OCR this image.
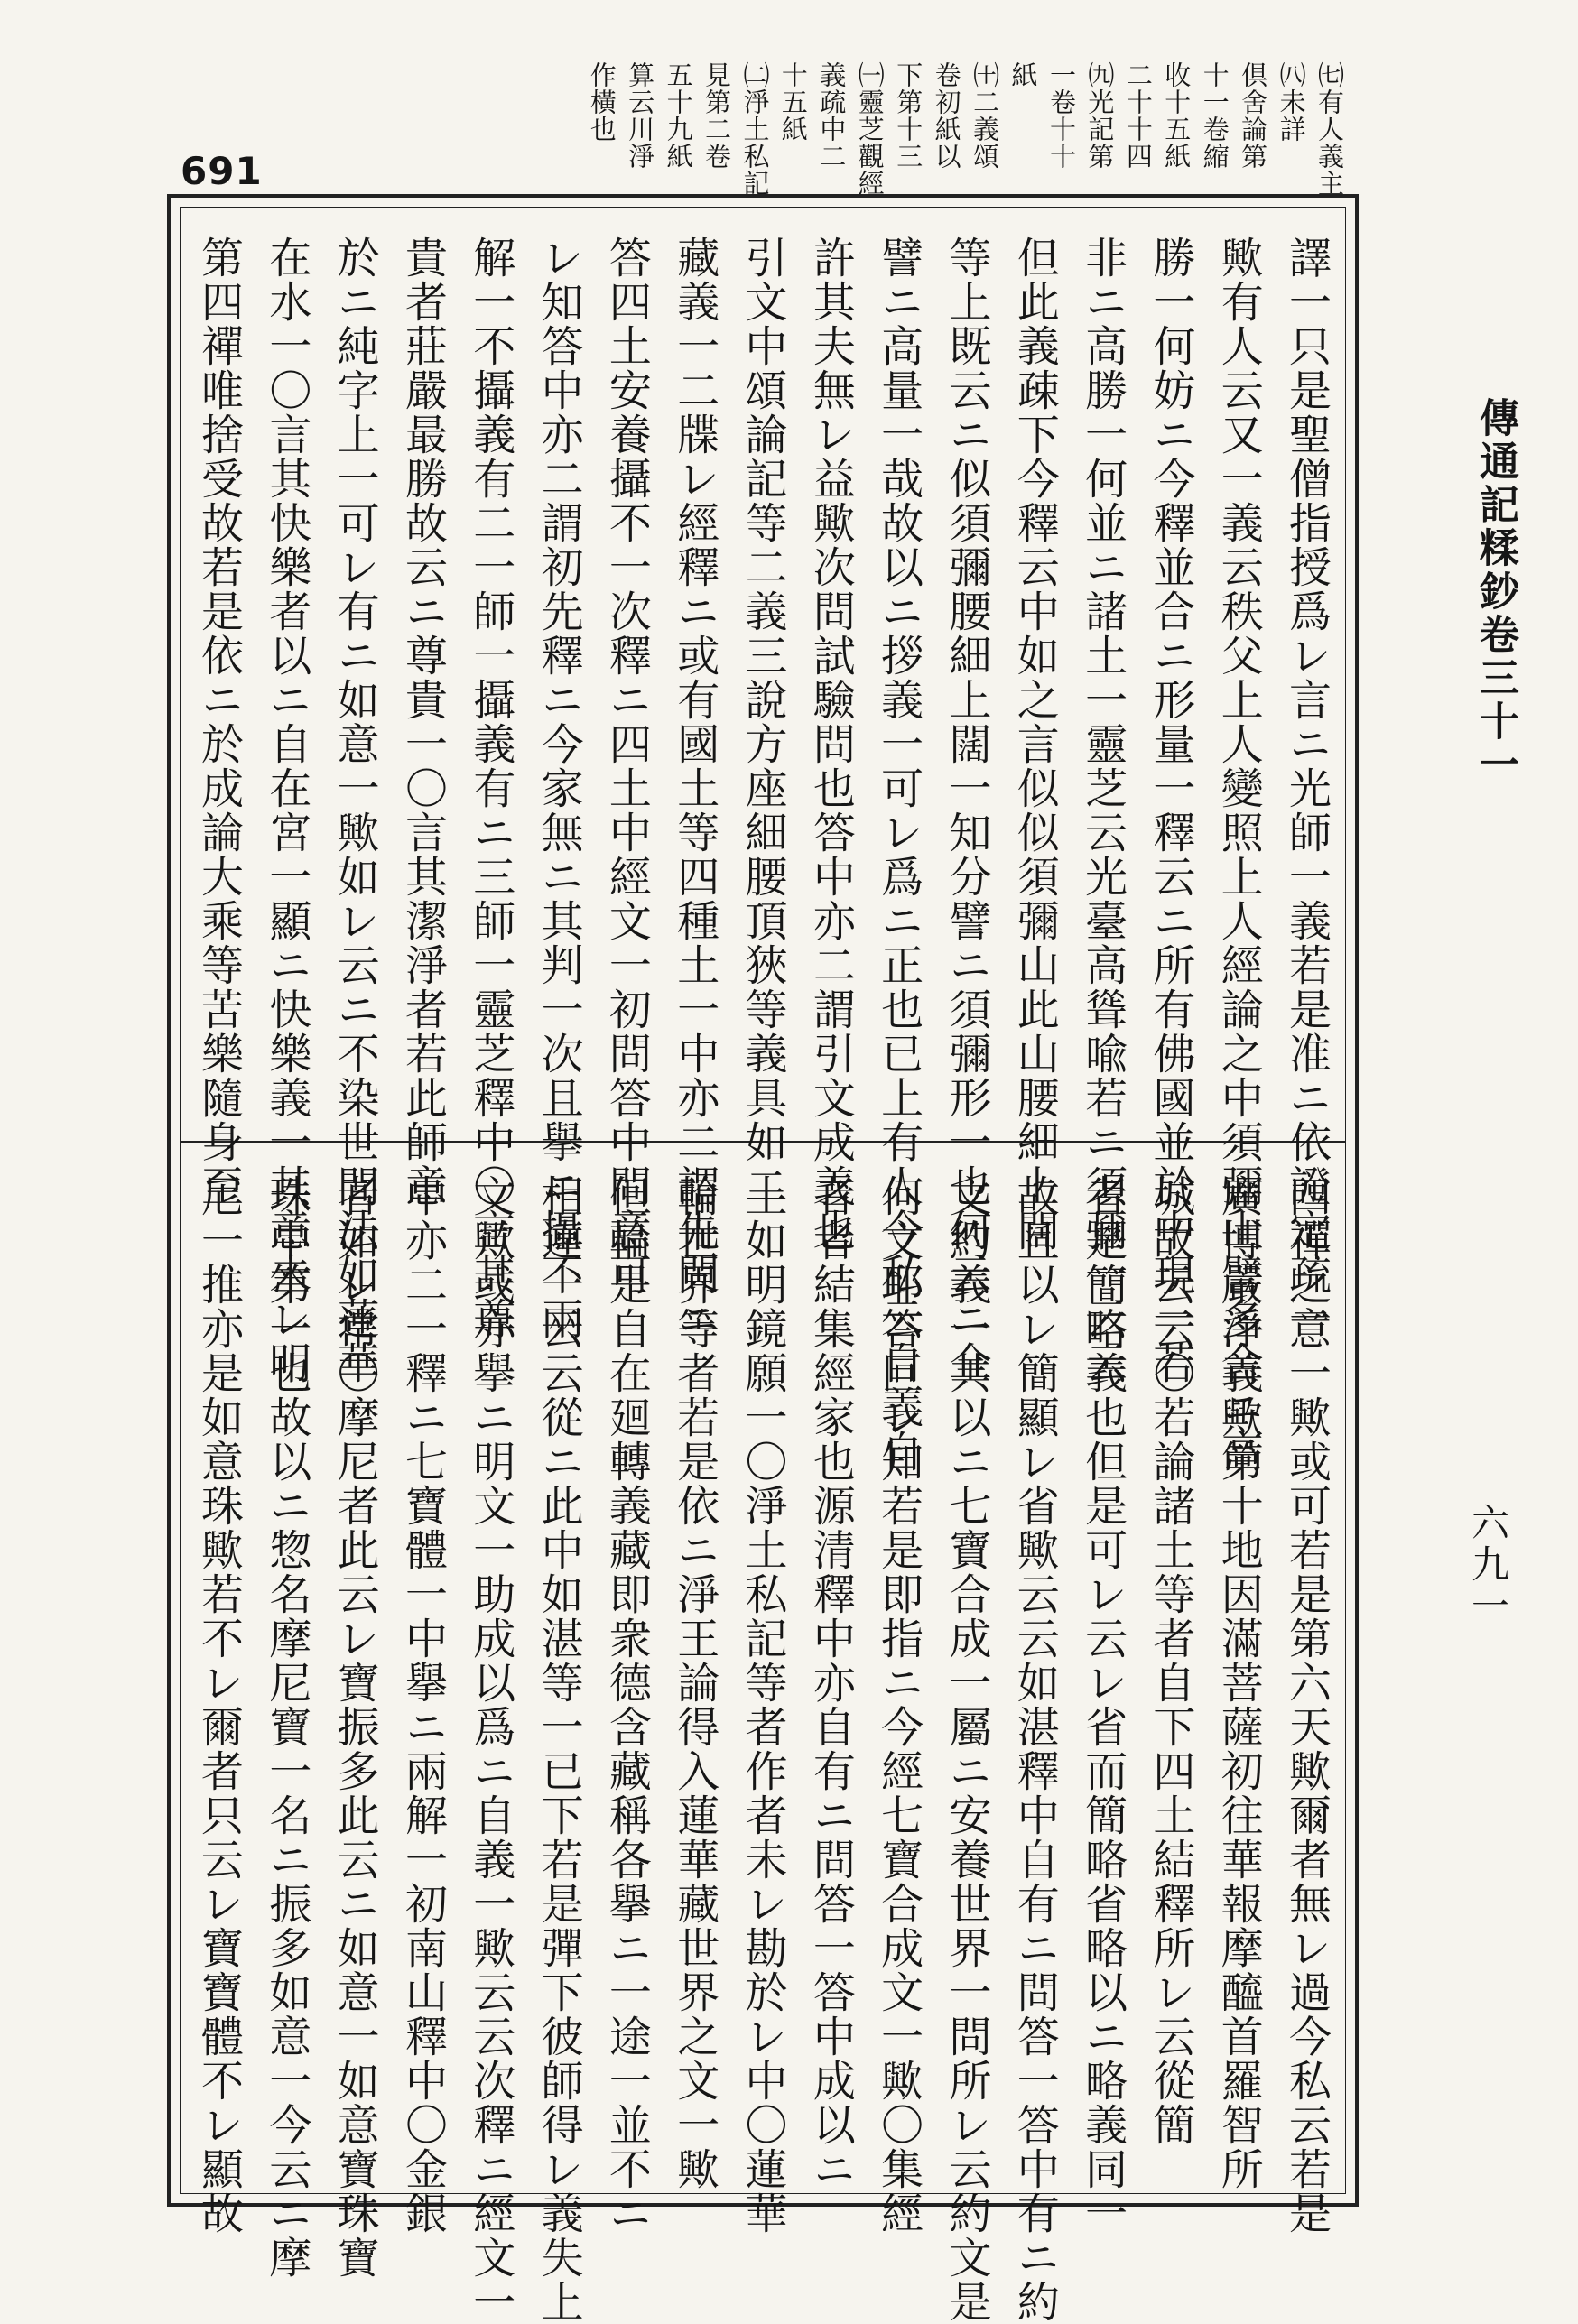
㈦有人義主
㈧未詳
倶舍論第
十一卷縮
收十五紙
二十十四
㈨光記第
一卷十十
紙
㈩二義頌
卷初紙以
下第十三
㈠靈芝觀經
義疏中二
十五紙
㈡淨土私記
見第二卷
五十九紙
算云川淨
作橫也
691
傳通記糅鈔卷三十一
六九一
譯一只是聖僧指授爲レ言ニ光師一義若是准ニ依證定疏一
歟有人云又一義云秩父上人變照上人經論之中須彌山譬多合ニ高
勝一何妨ニ今釋並合ニ形量一釋云ニ所有佛國並於中現一若
非ニ高勝一何並ニ諸土一靈芝云光臺高聳喩若ニ須彌一云云
但此義疎下今釋云中如之言似似須彌山此山腰細上闊
等上既云ニ似須彌腰細上闊一知分譬ニ須彌形一也何云ニ全
譬ニ高量一哉故以ニ拶義一可レ爲ニ正也已上有人今私云自義自
許其夫無レ益歟次問試驗問也答中亦二謂引文成義也
引文中頌論記等二義三說方座細腰頂狹等義具如二
藏義一二牒レ經釋ニ或有國土等四種土一中亦二謂先問ニ
答四土安養攝不一次釋ニ四土中經文一初問答中問意可
レ知答中亦二謂初先釋ニ今家無ニ其判一次且擧ニ攝不兩
解一不攝義有二一師一攝義有ニ三師一靈芝釋中〇言其尊
貴者莊嚴最勝故云ニ尊貴一〇言其潔淨者若此師意
於ニ純字上一可レ有ニ如意一歟如レ云ニ不染世間法如蓮華
在水一〇言其快樂者以ニ自在宮一顯ニ快樂義一其意未レ明
第四禪唯捨受故若是依ニ於成論大乘等苦樂隨身至
四禪之意一歟或可若是第六天歟爾者無レ過今私云若是
廣博嚴淨義歟第十地因滿菩薩初往華報摩醯首羅智所
城故云云〇若論諸土等者自下四土結釋所レ云從簡
者是簡略義也但是可レ云レ省而簡略省略以ニ略義同一
故且以レ簡顯レ省歟云云如湛釋中自有ニ問答一答中有ニ約
文約義一共以ニ七寶合成一屬ニ安養世界一問所レ云約文是
何文耶答叵レ知若是即指ニ今經七寶合成文一歟〇集經
者者結集經家也源清釋中亦自有ニ問答一答中成以ニ
土如明鏡願一〇淨土私記等者作者未レ勘於レ中〇蓮華
輪世界等者若是依ニ淨王論得入蓮華藏世界之文一歟
但輪是自在廻轉義藏即衆德含藏稱各擧ニ一途一並不ニ
相違一云云從ニ此中如湛等一已下若是彈下彼師得レ義失上
文歟或亦擧ニ明文一助成以爲ニ自義一歟云云次釋ニ經文一
中亦二一釋ニ七寶體一中擧ニ兩解一初南山釋中〇金銀
者如レ常〇摩尼者此云レ寶振多此云ニ如意一如意寶珠寶
珠中第一也故以ニ惣名摩尼寶一名ニ振多如意一今云ニ摩
尼一推亦是如意珠歟若不レ爾者只云レ寶寶體不レ顯故
